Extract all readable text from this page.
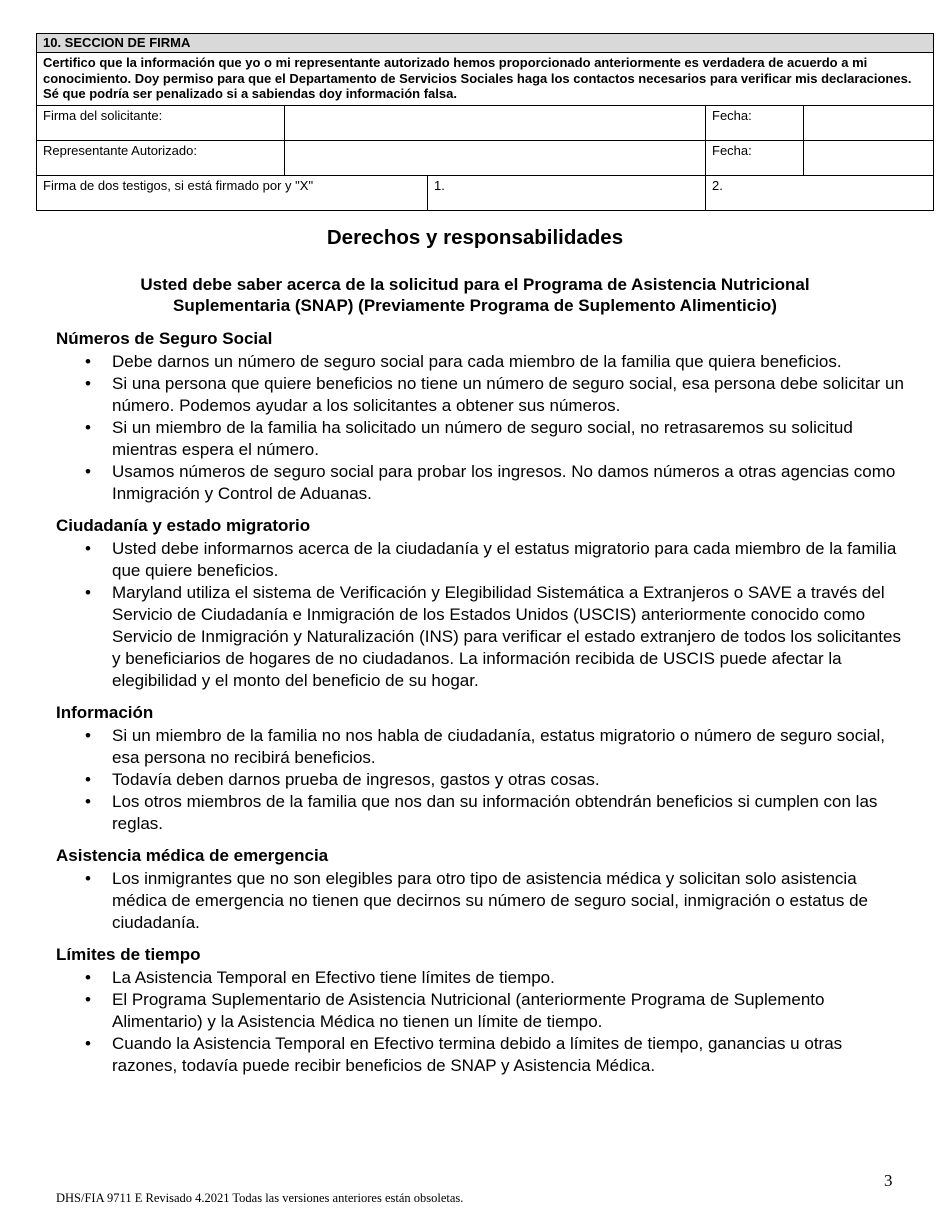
10. SECCION DE FIRMA				
Certifico que la información que yo o mi representante autorizado hemos proporcionado anteriormente es verdadera de acuerdo a mi conocimiento. Doy permiso para que el Departamento de Servicios Sociales haga los contactos necesarios para verificar mis declaraciones. Sé que podría ser penalizado si a sabiendas doy información falsa.				
Firma del solicitante:			Fecha:	
Representante Autorizado:			Fecha:	
Firma de dos testigos, si está firmado por y "X"		1.	2.	
Derechos y responsabilidades

Usted debe saber acerca de la solicitud para el Programa de Asistencia Nutricional Suplementaria (SNAP) (Previamente Programa de Suplemento Alimenticio)

Números de Seguro Social
• Debe darnos un número de seguro social para cada miembro de la familia que quiera beneficios.
• Si una persona que quiere beneficios no tiene un número de seguro social, esa persona debe solicitar un número. Podemos ayudar a los solicitantes a obtener sus números.
• Si un miembro de la familia ha solicitado un número de seguro social, no retrasaremos su solicitud mientras espera el número.
• Usamos números de seguro social para probar los ingresos. No damos números a otras agencias como Inmigración y Control de Aduanas.
Ciudadanía y estado migratorio
• Usted debe informarnos acerca de la ciudadanía y el estatus migratorio para cada miembro de la familia que quiere beneficios.
• Maryland utiliza el sistema de Verificación y Elegibilidad Sistemática a Extranjeros o SAVE a través del Servicio de Ciudadanía e Inmigración de los Estados Unidos (USCIS) anteriormente conocido como Servicio de Inmigración y Naturalización (INS) para verificar el estado extranjero de todos los solicitantes y beneficiarios de hogares de no ciudadanos. La información recibida de USCIS puede afectar la elegibilidad y el monto del beneficio de su hogar.
Información
• Si un miembro de la familia no nos habla de ciudadanía, estatus migratorio o número de seguro social, esa persona no recibirá beneficios.
• Todavía deben darnos prueba de ingresos, gastos y otras cosas.
• Los otros miembros de la familia que nos dan su información obtendrán beneficios si cumplen con las reglas.
Asistencia médica de emergencia
• Los inmigrantes que no son elegibles para otro tipo de asistencia médica y solicitan solo asistencia médica de emergencia no tienen que decirnos su número de seguro social, inmigración o estatus de ciudadanía.
Límites de tiempo
• La Asistencia Temporal en Efectivo tiene límites de tiempo.
• El Programa Suplementario de Asistencia Nutricional (anteriormente Programa de Suplemento Alimentario) y la Asistencia Médica no tienen un límite de tiempo.
• Cuando la Asistencia Temporal en Efectivo termina debido a límites de tiempo, ganancias u otras razones, todavía puede recibir beneficios de SNAP y Asistencia Médica.
3
DHS/FIA 9711 E Revisado 4.2021 Todas las versiones anteriores están obsoletas.
